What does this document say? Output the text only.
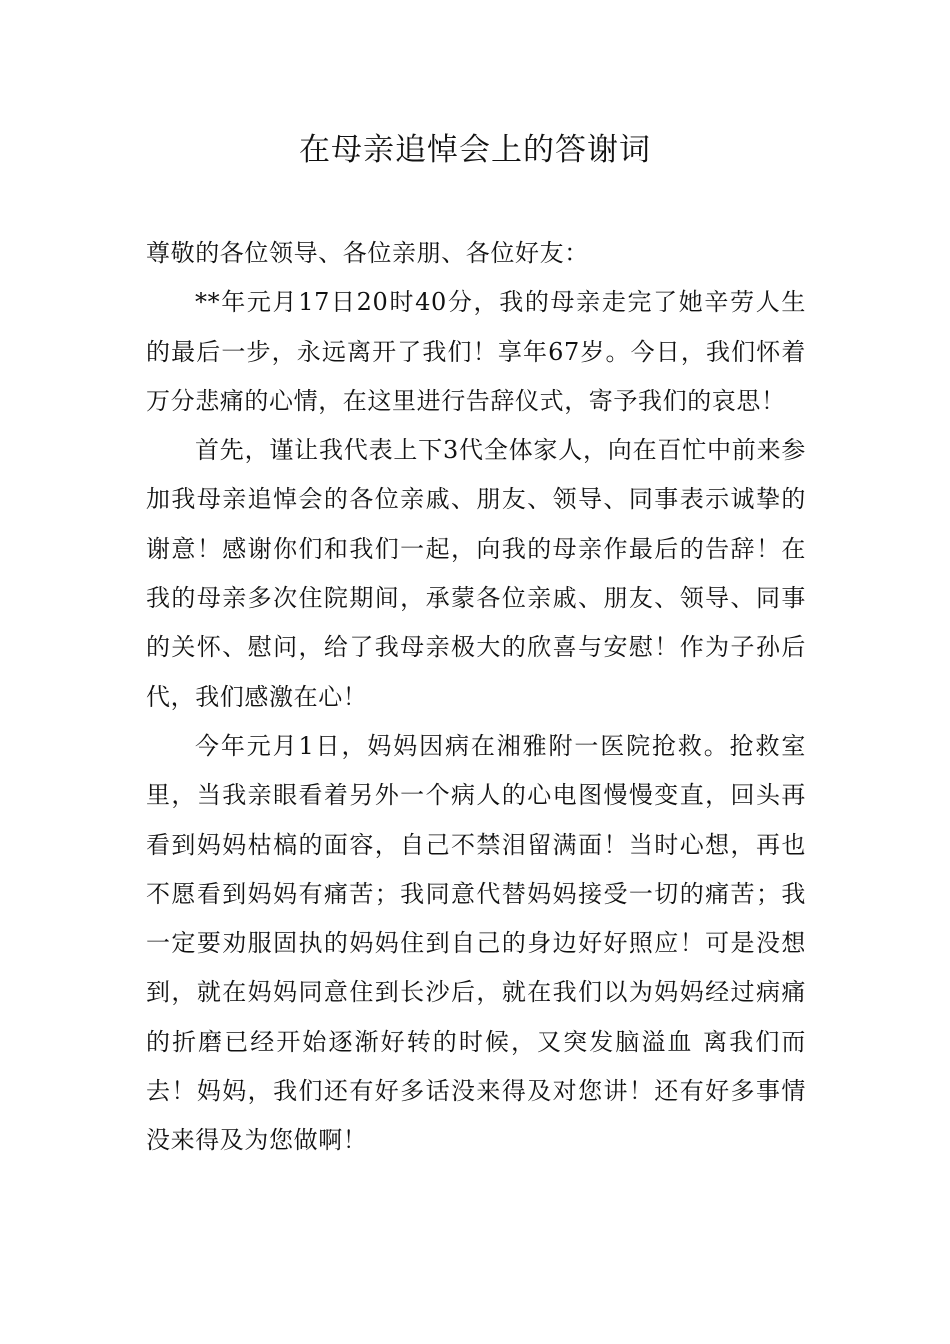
在母亲追悼会上的答谢词

尊敬的各位领导、各位亲朋、各位好友：

**年元月17日20时40分，我的母亲走完了她辛劳人生的最后一步，永远离开了我们！享年67岁。今日，我们怀着万分悲痛的心情，在这里进行告辞仪式，寄予我们的哀思！

首先，谨让我代表上下3代全体家人，向在百忙中前来参加我母亲追悼会的各位亲戚、朋友、领导、同事表示诚挚的谢意！感谢你们和我们一起，向我的母亲作最后的告辞！在我的母亲多次住院期间，承蒙各位亲戚、朋友、领导、同事的关怀、慰问，给了我母亲极大的欣喜与安慰！作为子孙后代，我们感激在心！

今年元月1日，妈妈因病在湘雅附一医院抢救。抢救室里，当我亲眼看着另外一个病人的心电图慢慢变直，回头再看到妈妈枯槁的面容，自己不禁泪留满面！当时心想，再也不愿看到妈妈有痛苦；我同意代替妈妈接受一切的痛苦；我一定要劝服固执的妈妈住到自己的身边好好照应！可是没想到，就在妈妈同意住到长沙后，就在我们以为妈妈经过病痛的折磨已经开始逐渐好转的时候，又突发脑溢血 离我们而去！妈妈，我们还有好多话没来得及对您讲！还有好多事情没来得及为您做啊！
